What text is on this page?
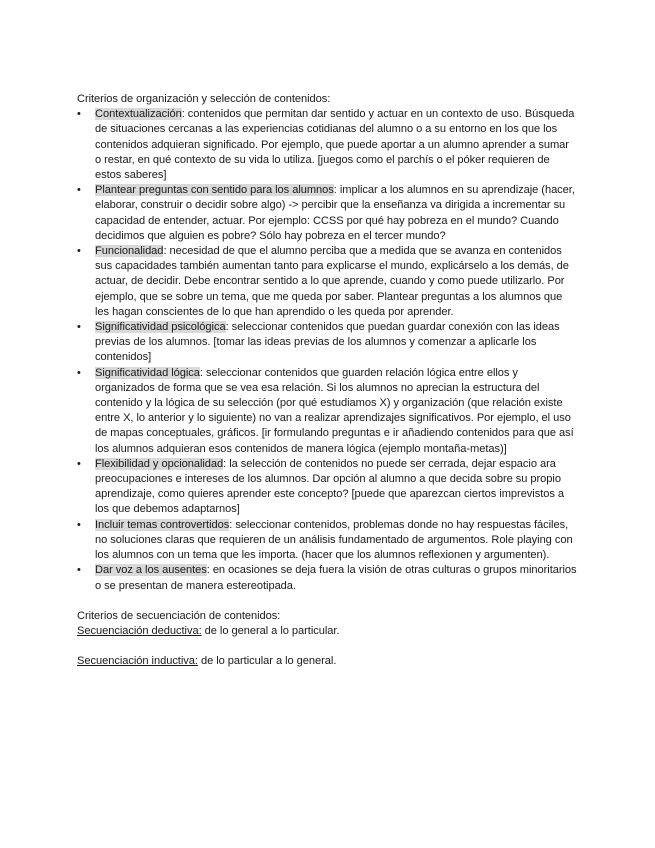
Criterios de organización y selección de contenidos:

• Contextualización: contenidos que permitan dar sentido y actuar en un contexto de uso. Búsqueda de situaciones cercanas a las experiencias cotidianas del alumno o a su entorno en los que los contenidos adquieran significado. Por ejemplo, que puede aportar a un alumno aprender a sumar o restar, en qué contexto de su vida lo utiliza. [juegos como el parchís o el póker requieren de estos saberes]
• Plantear preguntas con sentido para los alumnos: implicar a los alumnos en su aprendizaje (hacer, elaborar, construir o decidir sobre algo) -> percibir que la enseñanza va dirigida a incrementar su capacidad de entender, actuar. Por ejemplo: CCSS por qué hay pobreza en el mundo? Cuando decidimos que alguien es pobre? Sólo hay pobreza en el tercer mundo?
• Funcionalidad: necesidad de que el alumno perciba que a medida que se avanza en contenidos sus capacidades también aumentan tanto para explicarse el mundo, explicárselo a los demás, de actuar, de decidir. Debe encontrar sentido a lo que aprende, cuando y como puede utilizarlo. Por ejemplo, que se sobre un tema, que me queda por saber. Plantear preguntas a los alumnos que les hagan conscientes de lo que han aprendido o les queda por aprender.
• Significatividad psicológica: seleccionar contenidos que puedan guardar conexión con las ideas previas de los alumnos. [tomar las ideas previas de los alumnos y comenzar a aplicarle los contenidos]
• Significatividad lógica: seleccionar contenidos que guarden relación lógica entre ellos y organizados de forma que se vea esa relación. Si los alumnos no aprecian la estructura del contenido y la lógica de su selección (por qué estudiamos X) y organización (que relación existe entre X, lo anterior y lo siguiente) no van a realizar aprendizajes significativos. Por ejemplo, el uso de mapas conceptuales, gráficos. [ir formulando preguntas e ir añadiendo contenidos para que así los alumnos adquieran esos contenidos de manera lógica (ejemplo montaña-metas)]
• Flexibilidad y opcionalidad: la selección de contenidos no puede ser cerrada, dejar espacio ara preocupaciones e intereses de los alumnos. Dar opción al alumno a que decida sobre su propio aprendizaje, como quieres aprender este concepto? [puede que aparezcan ciertos imprevistos a los que debemos adaptarnos]
• Incluir temas controvertidos: seleccionar contenidos, problemas donde no hay respuestas fáciles, no soluciones claras que requieren de un análisis fundamentado de argumentos. Role playing con los alumnos con un tema que les importa. (hacer que los alumnos reflexionen y argumenten).
• Dar voz a los ausentes: en ocasiones se deja fuera la visión de otras culturas o grupos minoritarios o se presentan de manera estereotipada.

Criterios de secuenciación de contenidos:

Secuenciación deductiva: de lo general a lo particular.

Secuenciación inductiva: de lo particular a lo general.
